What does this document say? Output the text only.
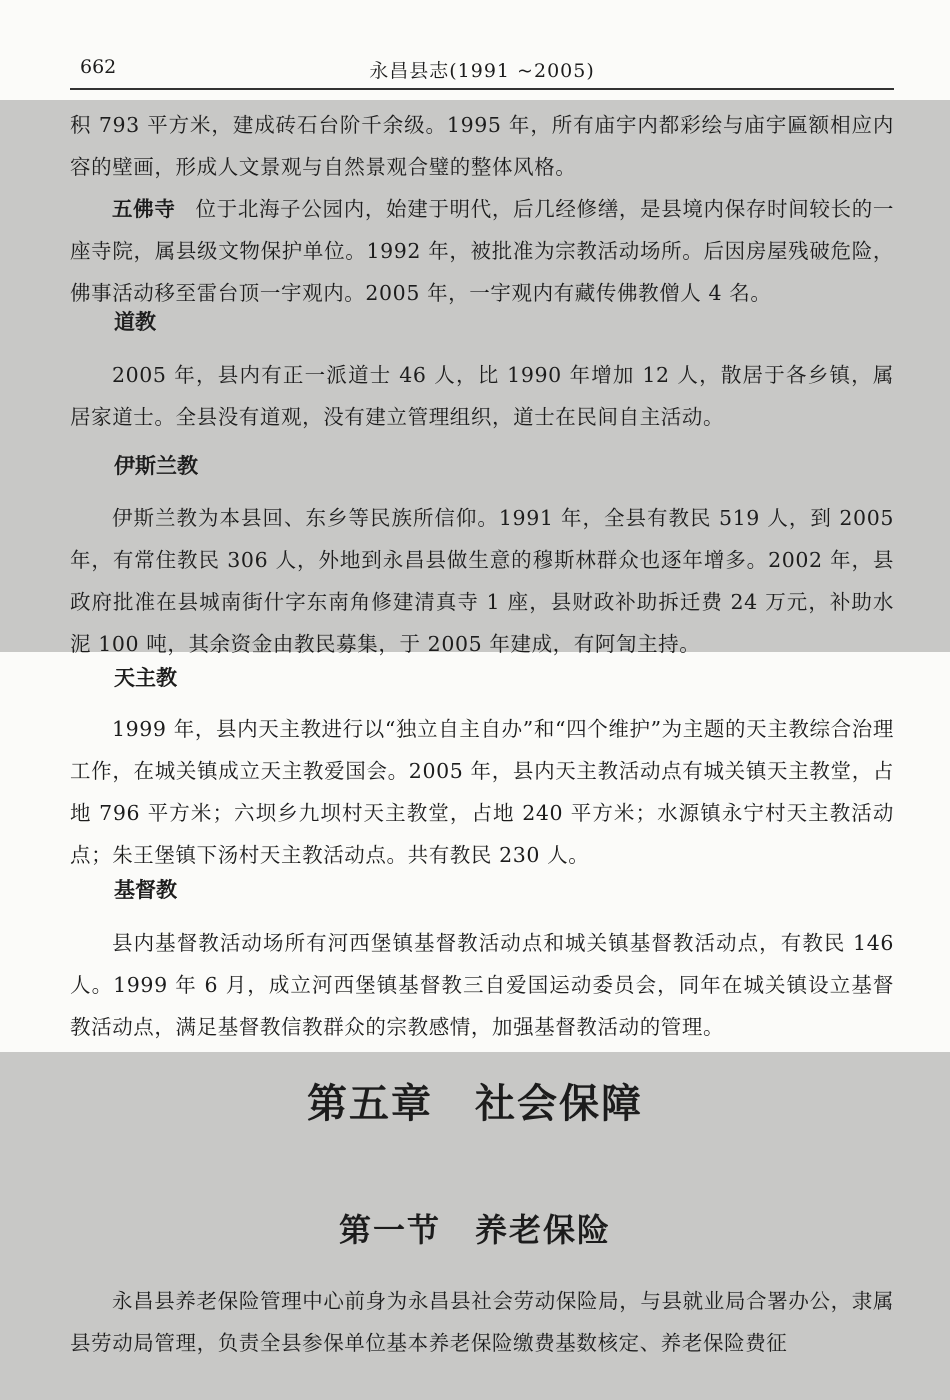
662	永昌县志(1991 ~2005)

积 793 平方米，建成砖石台阶千余级。1995 年，所有庙宇内都彩绘与庙宇匾额相应内容的壁画，形成人文景观与自然景观合璧的整体风格。

五佛寺 位于北海子公园内，始建于明代，后几经修缮，是县境内保存时间较长的一座寺院，属县级文物保护单位。1992 年，被批准为宗教活动场所。后因房屋残破危险，佛事活动移至雷台顶一宇观内。2005 年，一宇观内有藏传佛教僧人 4 名。

道教

2005 年，县内有正一派道士 46 人，比 1990 年增加 12 人，散居于各乡镇，属居家道士。全县没有道观，没有建立管理组织，道士在民间自主活动。

伊斯兰教

伊斯兰教为本县回、东乡等民族所信仰。1991 年，全县有教民 519 人，到 2005 年，有常住教民 306 人，外地到永昌县做生意的穆斯林群众也逐年增多。2002 年，县政府批准在县城南街什字东南角修建清真寺 1 座，县财政补助拆迁费 24 万元，补助水泥 100 吨，其余资金由教民募集，于 2005 年建成，有阿訇主持。

天主教

1999 年，县内天主教进行以“独立自主自办”和“四个维护”为主题的天主教综合治理工作，在城关镇成立天主教爱国会。2005 年，县内天主教活动点有城关镇天主教堂，占地 796 平方米；六坝乡九坝村天主教堂，占地 240 平方米；水源镇永宁村天主教活动点；朱王堡镇下汤村天主教活动点。共有教民 230 人。

基督教

县内基督教活动场所有河西堡镇基督教活动点和城关镇基督教活动点，有教民 146 人。1999 年 6 月，成立河西堡镇基督教三自爱国运动委员会，同年在城关镇设立基督教活动点，满足基督教信教群众的宗教感情，加强基督教活动的管理。

第五章　社会保障
第一节　养老保险

永昌县养老保险管理中心前身为永昌县社会劳动保险局，与县就业局合署办公，隶属县劳动局管理，负责全县参保单位基本养老保险缴费基数核定、养老保险费征
